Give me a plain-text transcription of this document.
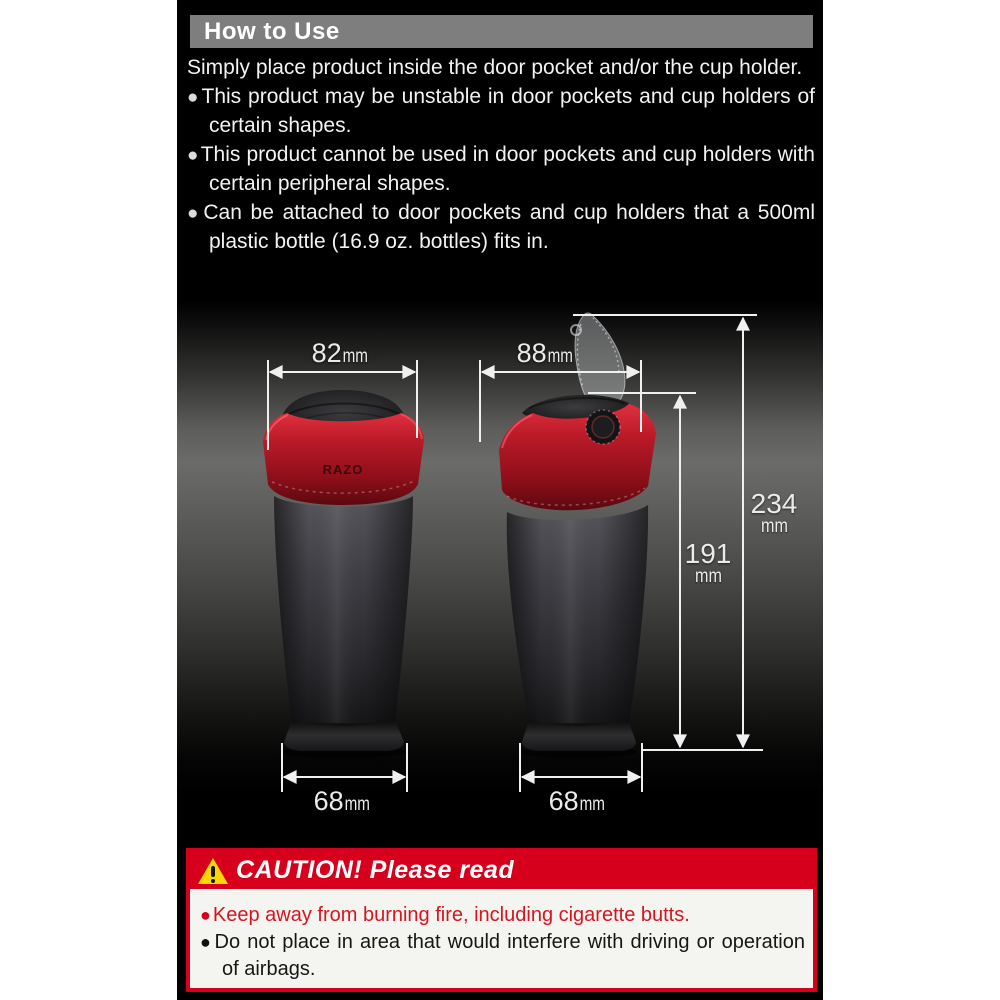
How to Use

Simply place product inside the door pocket and/or the cup holder.

● This product may be unstable in door pockets and cup holders of certain shapes.

● This product cannot be used in door pockets and cup holders with certain peripheral shapes.

● Can be attached to door pockets and cup holders that a 500ml plastic bottle (16.9 oz. bottles) fits in.

RAZO
82 mm	88 mm
234
mm
191
mm
68 mm	68 mm
CAUTION! Please read

● Keep away from burning fire, including cigarette butts.

● Do not place in area that would interfere with driving or operation of airbags.
